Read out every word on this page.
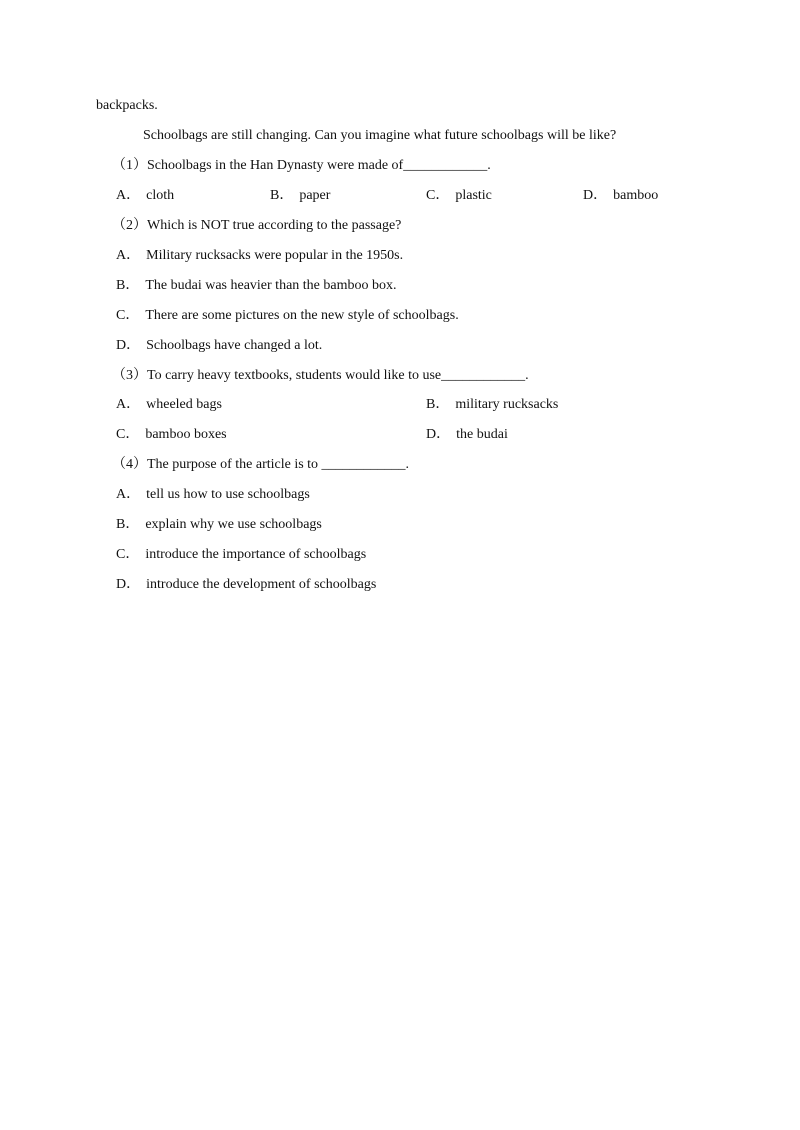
backpacks.
Schoolbags are still changing. Can you imagine what future schoolbags will be like?
（1）Schoolbags in the Han Dynasty were made of____________.
A． cloth	B． paper	C． plastic	D． bamboo
（2）Which is NOT true according to the passage?
A． Military rucksacks were popular in the 1950s.
B． The budai was heavier than the bamboo box.
C． There are some pictures on the new style of schoolbags.
D． Schoolbags have changed a lot.
（3）To carry heavy textbooks, students would like to use____________.
A． wheeled bags	B． military rucksacks
C． bamboo boxes	D． the budai
（4）The purpose of the article is to ____________.
A． tell us how to use schoolbags
B． explain why we use schoolbags
C． introduce the importance of schoolbags
D． introduce the development of schoolbags
